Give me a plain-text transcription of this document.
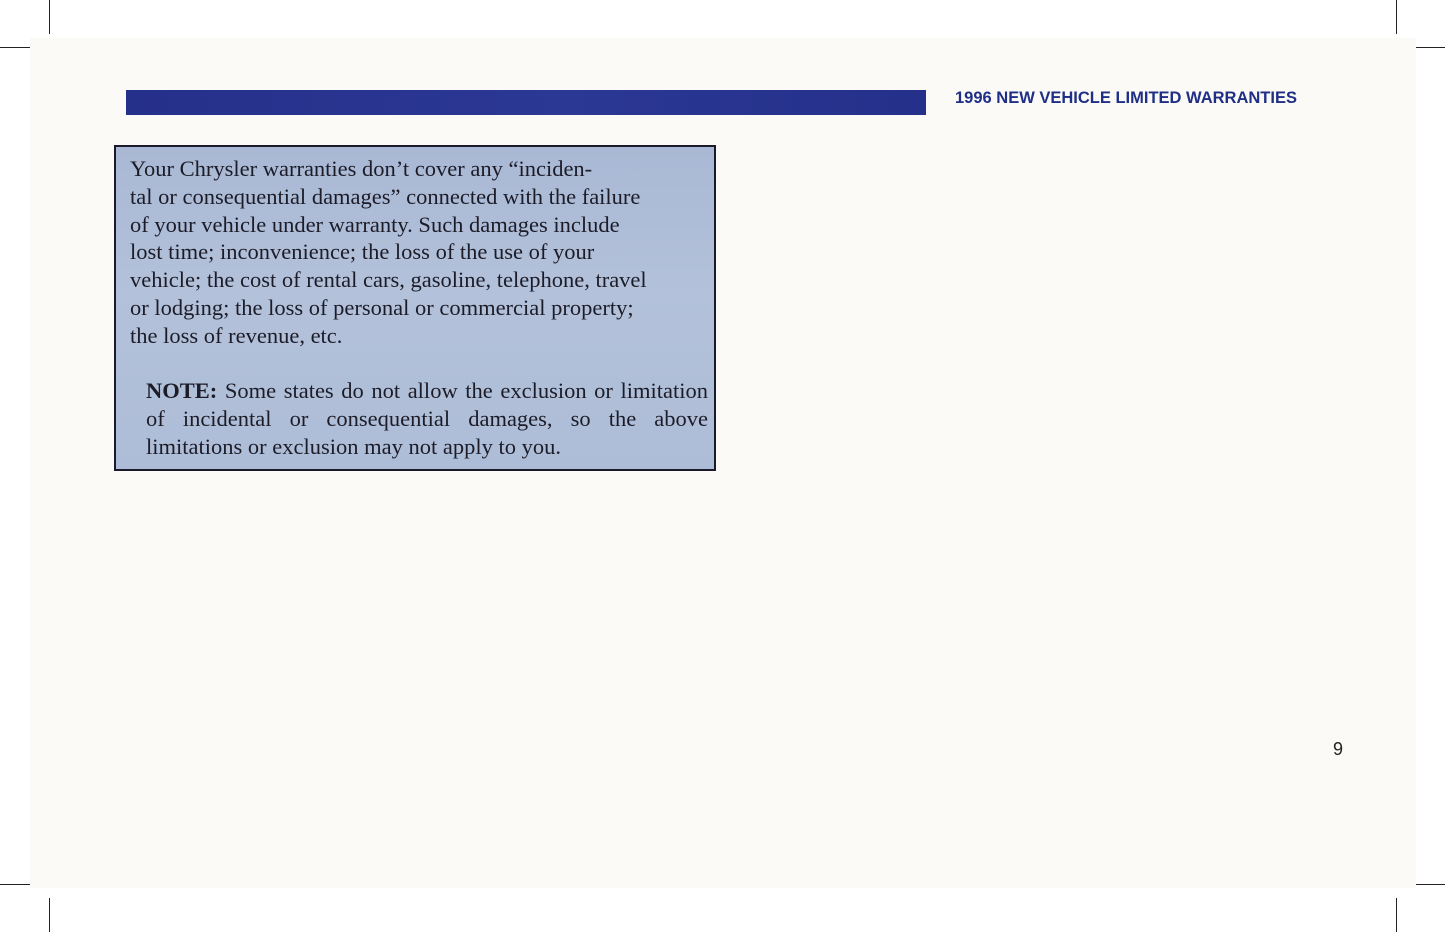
1996 NEW VEHICLE LIMITED WARRANTIES

Your Chrysler warranties don’t cover any “inciden-
tal or consequential damages” connected with the failure
of your vehicle under warranty. Such damages include
lost time; inconvenience; the loss of the use of your
vehicle; the cost of rental cars, gasoline, telephone, travel
or lodging; the loss of personal or commercial property;
the loss of revenue, etc.

NOTE: Some states do not allow the exclusion or limitation of incidental or consequential damages, so the above limitations or exclusion may not apply to you.

9
